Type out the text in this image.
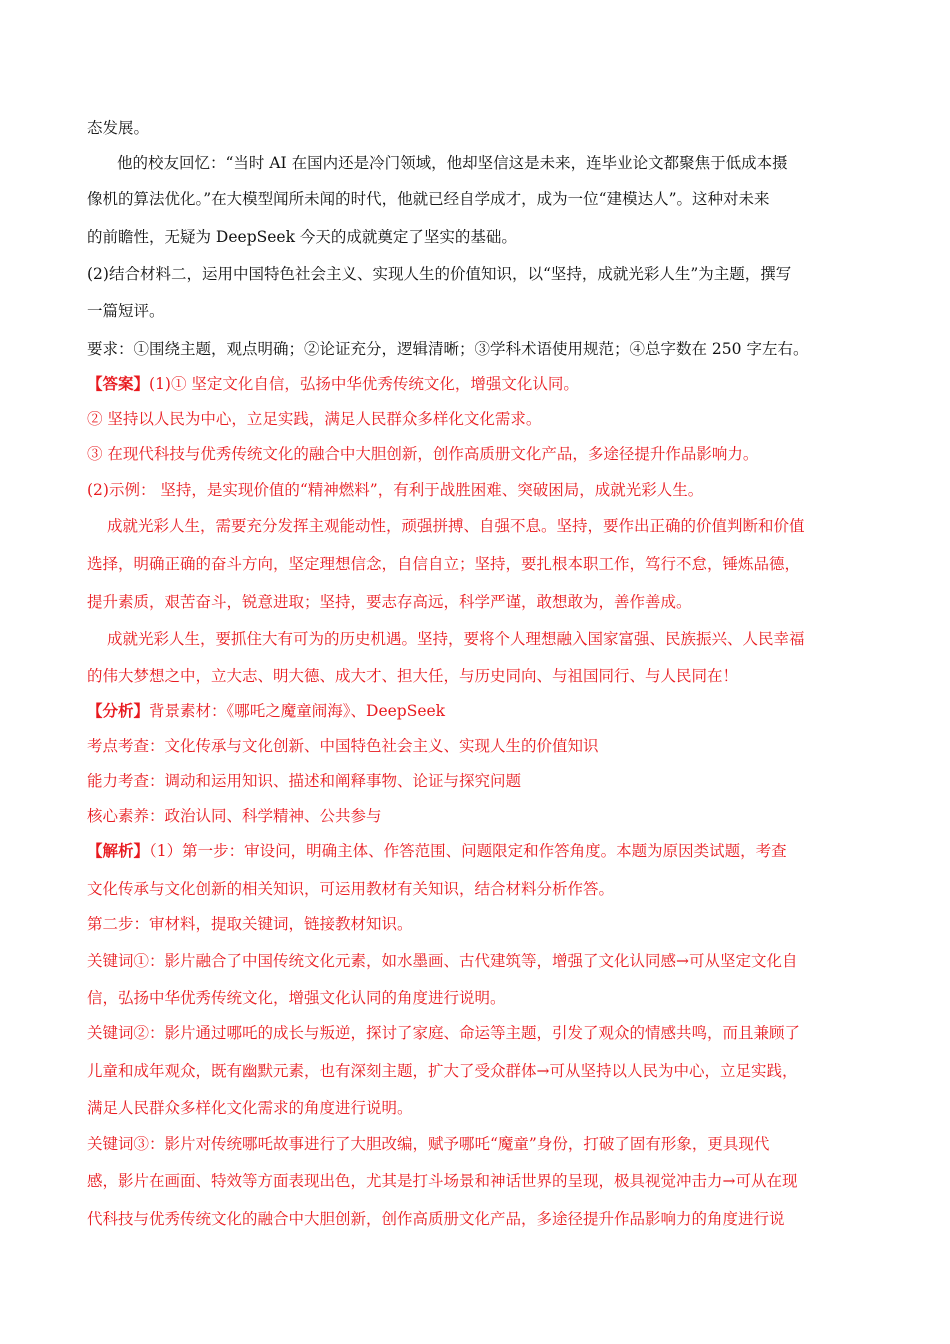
态发展。
他的校友回忆：“当时 AI 在国内还是冷门领域，他却坚信这是未来，连毕业论文都聚焦于低成本摄
像机的算法优化。”在大模型闻所未闻的时代，他就已经自学成才，成为一位“建模达人”。这种对未来
的前瞻性，无疑为 DeepSeek 今天的成就奠定了坚实的基础。
(2)结合材料二，运用中国特色社会主义、实现人生的价值知识，以“坚持，成就光彩人生”为主题，撰写
一篇短评。
要求：①围绕主题，观点明确；②论证充分，逻辑清晰；③学科术语使用规范；④总字数在 250 字左右。
【答案】(1)① 坚定文化自信，弘扬中华优秀传统文化，增强文化认同。
② 坚持以人民为中心，立足实践，满足人民群众多样化文化需求。
③ 在现代科技与优秀传统文化的融合中大胆创新，创作高质册文化产品，多途径提升作品影响力。
(2)示例： 坚持，是实现价值的“精神燃料”，有利于战胜困难、突破困局，成就光彩人生。
成就光彩人生，需要充分发挥主观能动性，顽强拼搏、自强不息。坚持，要作出正确的价值判断和价值
选择，明确正确的奋斗方向，坚定理想信念，自信自立；坚持，要扎根本职工作，笃行不怠，锤炼品德，
提升素质，艰苦奋斗，锐意进取；坚持，要志存高远，科学严谨，敢想敢为，善作善成。
成就光彩人生，要抓住大有可为的历史机遇。坚持，要将个人理想融入国家富强、民族振兴、人民幸福
的伟大梦想之中，立大志、明大德、成大才、担大任，与历史同向、与祖国同行、与人民同在！
【分析】背景素材：《哪吒之魔童闹海》、DeepSeek
考点考查：文化传承与文化创新、中国特色社会主义、实现人生的价值知识
能力考查：调动和运用知识、描述和阐释事物、论证与探究问题
核心素养：政治认同、科学精神、公共参与
【解析】（1）第一步：审设问，明确主体、作答范围、问题限定和作答角度。本题为原因类试题，考查
文化传承与文化创新的相关知识，可运用教材有关知识，结合材料分析作答。
第二步：审材料，提取关键词，链接教材知识。
关键词①：影片融合了中国传统文化元素，如水墨画、古代建筑等，增强了文化认同感→可从坚定文化自
信，弘扬中华优秀传统文化，增强文化认同的角度进行说明。
关键词②：影片通过哪吒的成长与叛逆，探讨了家庭、命运等主题，引发了观众的情感共鸣，而且兼顾了
儿童和成年观众，既有幽默元素，也有深刻主题，扩大了受众群体→可从坚持以人民为中心，立足实践，
满足人民群众多样化文化需求的角度进行说明。
关键词③：影片对传统哪吒故事进行了大胆改编，赋予哪吒“魔童”身份，打破了固有形象，更具现代
感，影片在画面、特效等方面表现出色，尤其是打斗场景和神话世界的呈现，极具视觉冲击力→可从在现
代科技与优秀传统文化的融合中大胆创新，创作高质册文化产品，多途径提升作品影响力的角度进行说
